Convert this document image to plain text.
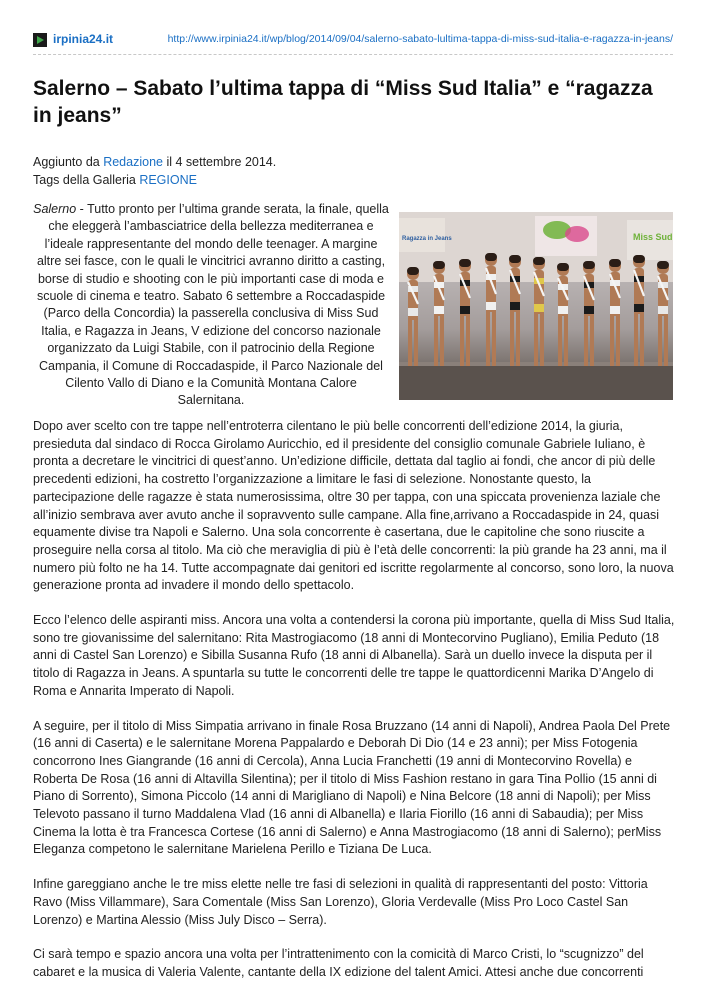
irpinia24.it	http://www.irpinia24.it/wp/blog/2014/09/04/salerno-sabato-lultima-tappa-di-miss-sud-italia-e-ragazza-in-jeans/
Salerno – Sabato l’ultima tappa di “Miss Sud Italia” e “ragazza in jeans”
Aggiunto da Redazione il 4 settembre 2014.
Tags della Galleria REGIONE

Salerno - Tutto pronto per l’ultima grande serata, la finale, quella che eleggerà l’ambasciatrice della bellezza mediterranea e l’ideale rappresentante del mondo delle teenager. A margine altre sei fasce, con le quali le vincitrici avranno diritto a casting, borse di studio e shooting con le più importanti case di moda e scuole di cinema e teatro. Sabato 6 settembre a Roccadaspide (Parco della Concordia) la passerella conclusiva di Miss Sud Italia, e Ragazza in Jeans, V edizione del concorso nazionale organizzato da Luigi Stabile, con il patrocinio della Regione Campania, il Comune di Roccadaspide, il Parco Nazionale del Cilento Vallo di Diano e la Comunità Montana Calore Salernitana.

Miss Sud
Ragazza in Jeans

Dopo aver scelto con tre tappe nell’entroterra cilentano le più belle concorrenti dell’edizione 2014, la giuria, presieduta dal sindaco di Rocca Girolamo Auricchio, ed il presidente del consiglio comunale Gabriele Iuliano, è pronta a decretare le vincitrici di quest’anno. Un’edizione difficile, dettata dal taglio ai fondi, che ancor di più delle precedenti edizioni, ha costretto l’organizzazione a limitare le fasi di selezione. Nonostante questo, la partecipazione delle ragazze è stata numerosissima, oltre 30 per tappa, con una spiccata provenienza laziale che all’inizio sembrava aver avuto anche il sopravvento sulle campane. Alla fine,arrivano a Roccadaspide in 24, quasi equamente divise tra Napoli e Salerno. Una sola concorrente è casertana, due le capitoline che sono riuscite a proseguire nella corsa al titolo. Ma ciò che meraviglia di più è l’età delle concorrenti: la più grande ha 23 anni, ma il numero più folto ne ha 14. Tutte accompagnate dai genitori ed iscritte regolarmente al concorso, sono loro, la nuova generazione pronta ad invadere il mondo dello spettacolo.

Ecco l’elenco delle aspiranti miss. Ancora una volta a contendersi la corona più importante, quella di Miss Sud Italia, sono tre giovanissime del salernitano: Rita Mastrogiacomo (18 anni di Montecorvino Pugliano), Emilia Peduto (18 anni di Castel San Lorenzo) e Sibilla Susanna Rufo (18 anni di Albanella). Sarà un duello invece la disputa per il titolo di Ragazza in Jeans. A spuntarla su tutte le concorrenti delle tre tappe le quattordicenni Marika D’Angelo di Roma e Annarita Imperato di Napoli.

A seguire, per il titolo di Miss Simpatia arrivano in finale Rosa Bruzzano (14 anni di Napoli), Andrea Paola Del Prete (16 anni di Caserta) e le salernitane Morena Pappalardo e Deborah Di Dio (14 e 23 anni); per Miss Fotogenia concorrono Ines Giangrande (16 anni di Cercola), Anna Lucia Franchetti (19 anni di Montecorvino Rovella) e Roberta De Rosa (16 anni di Altavilla Silentina); per il titolo di Miss Fashion restano in gara Tina Pollio (15 anni di Piano di Sorrento), Simona Piccolo (14 anni di Marigliano di Napoli) e Nina Belcore (18 anni di Napoli); per Miss Televoto passano il turno Maddalena Vlad (16 anni di Albanella) e Ilaria Fiorillo (16 anni di Sabaudia); per Miss Cinema la lotta è tra Francesca Cortese (16 anni di Salerno) e Anna Mastrogiacomo (18 anni di Salerno); perMiss Eleganza competono le salernitane Marielena Perillo e Tiziana De Luca.

Infine gareggiano anche le tre miss elette nelle tre fasi di selezioni in qualità di rappresentanti del posto: Vittoria Ravo (Miss Villammare), Sara Comentale (Miss San Lorenzo), Gloria Verdevalle (Miss Pro Loco Castel San Lorenzo) e Martina Alessio (Miss July Disco – Serra).

Ci sarà tempo e spazio ancora una volta per l’intrattenimento con la comicità di Marco Cristi, lo “scugnizzo” del cabaret e la musica di Valeria Valente, cantante della IX edizione del talent Amici. Attesi anche due concorrenti
